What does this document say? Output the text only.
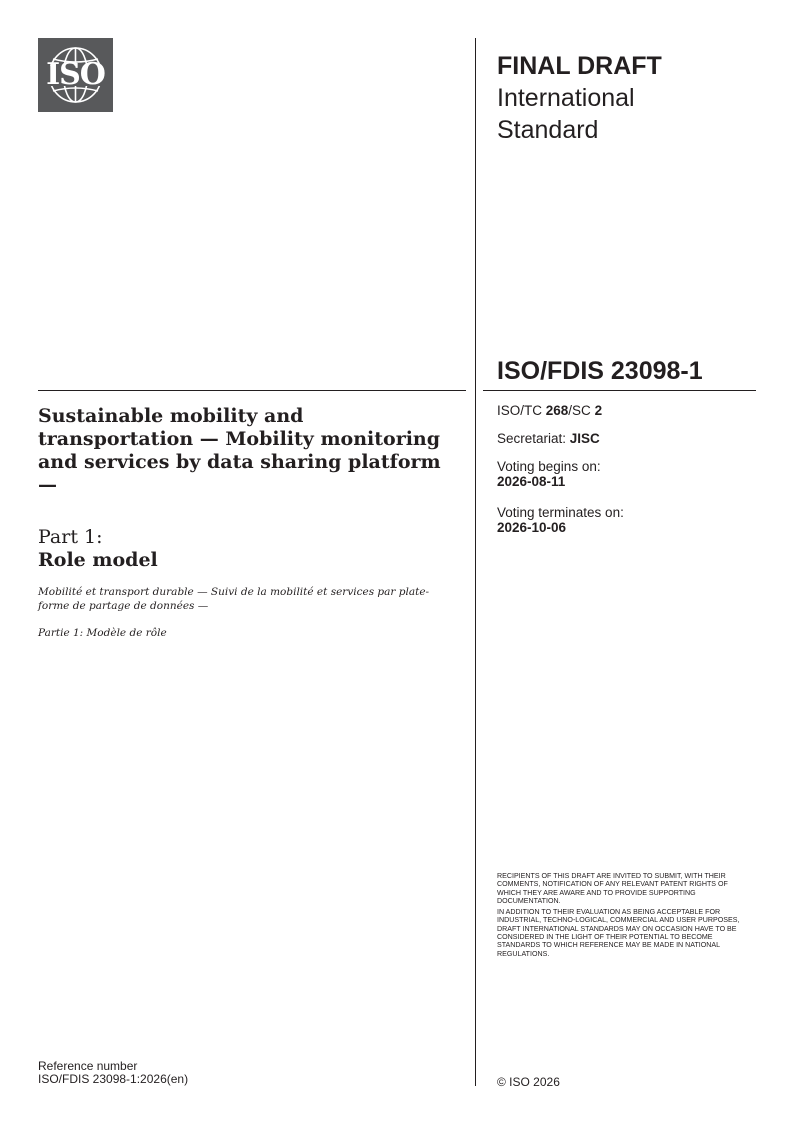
ISO	FINAL DRAFT
International
Standard
ISO/FDIS 23098-1
ISO/TC 268/SC 2
Secretariat: JISC
Voting begins on:
2026-08-11
Voting terminates on:
2026-10-06

RECIPIENTS OF THIS DRAFT ARE INVITED TO SUBMIT, WITH THEIR COMMENTS, NOTIFICATION OF ANY RELEVANT PATENT RIGHTS OF WHICH THEY ARE AWARE AND TO PROVIDE SUPPORTING DOCUMENTATION.

IN ADDITION TO THEIR EVALUATION AS BEING ACCEPTABLE FOR INDUSTRIAL, TECHNO-LOGICAL, COMMERCIAL AND USER PURPOSES, DRAFT INTERNATIONAL STANDARDS MAY ON OCCASION HAVE TO BE CONSIDERED IN THE LIGHT OF THEIR POTENTIAL TO BECOME STANDARDS TO WHICH REFERENCE MAY BE MADE IN NATIONAL REGULATIONS.

© ISO 2026
Sustainable mobility and transportation — Mobility monitoring and services by data sharing platform —
Part 1:
Role model

Mobilité et transport durable — Suivi de la mobilité et services par plate-forme de partage de données —

Partie 1: Modèle de rôle

Reference number
ISO/FDIS 23098-1:2026(en)
